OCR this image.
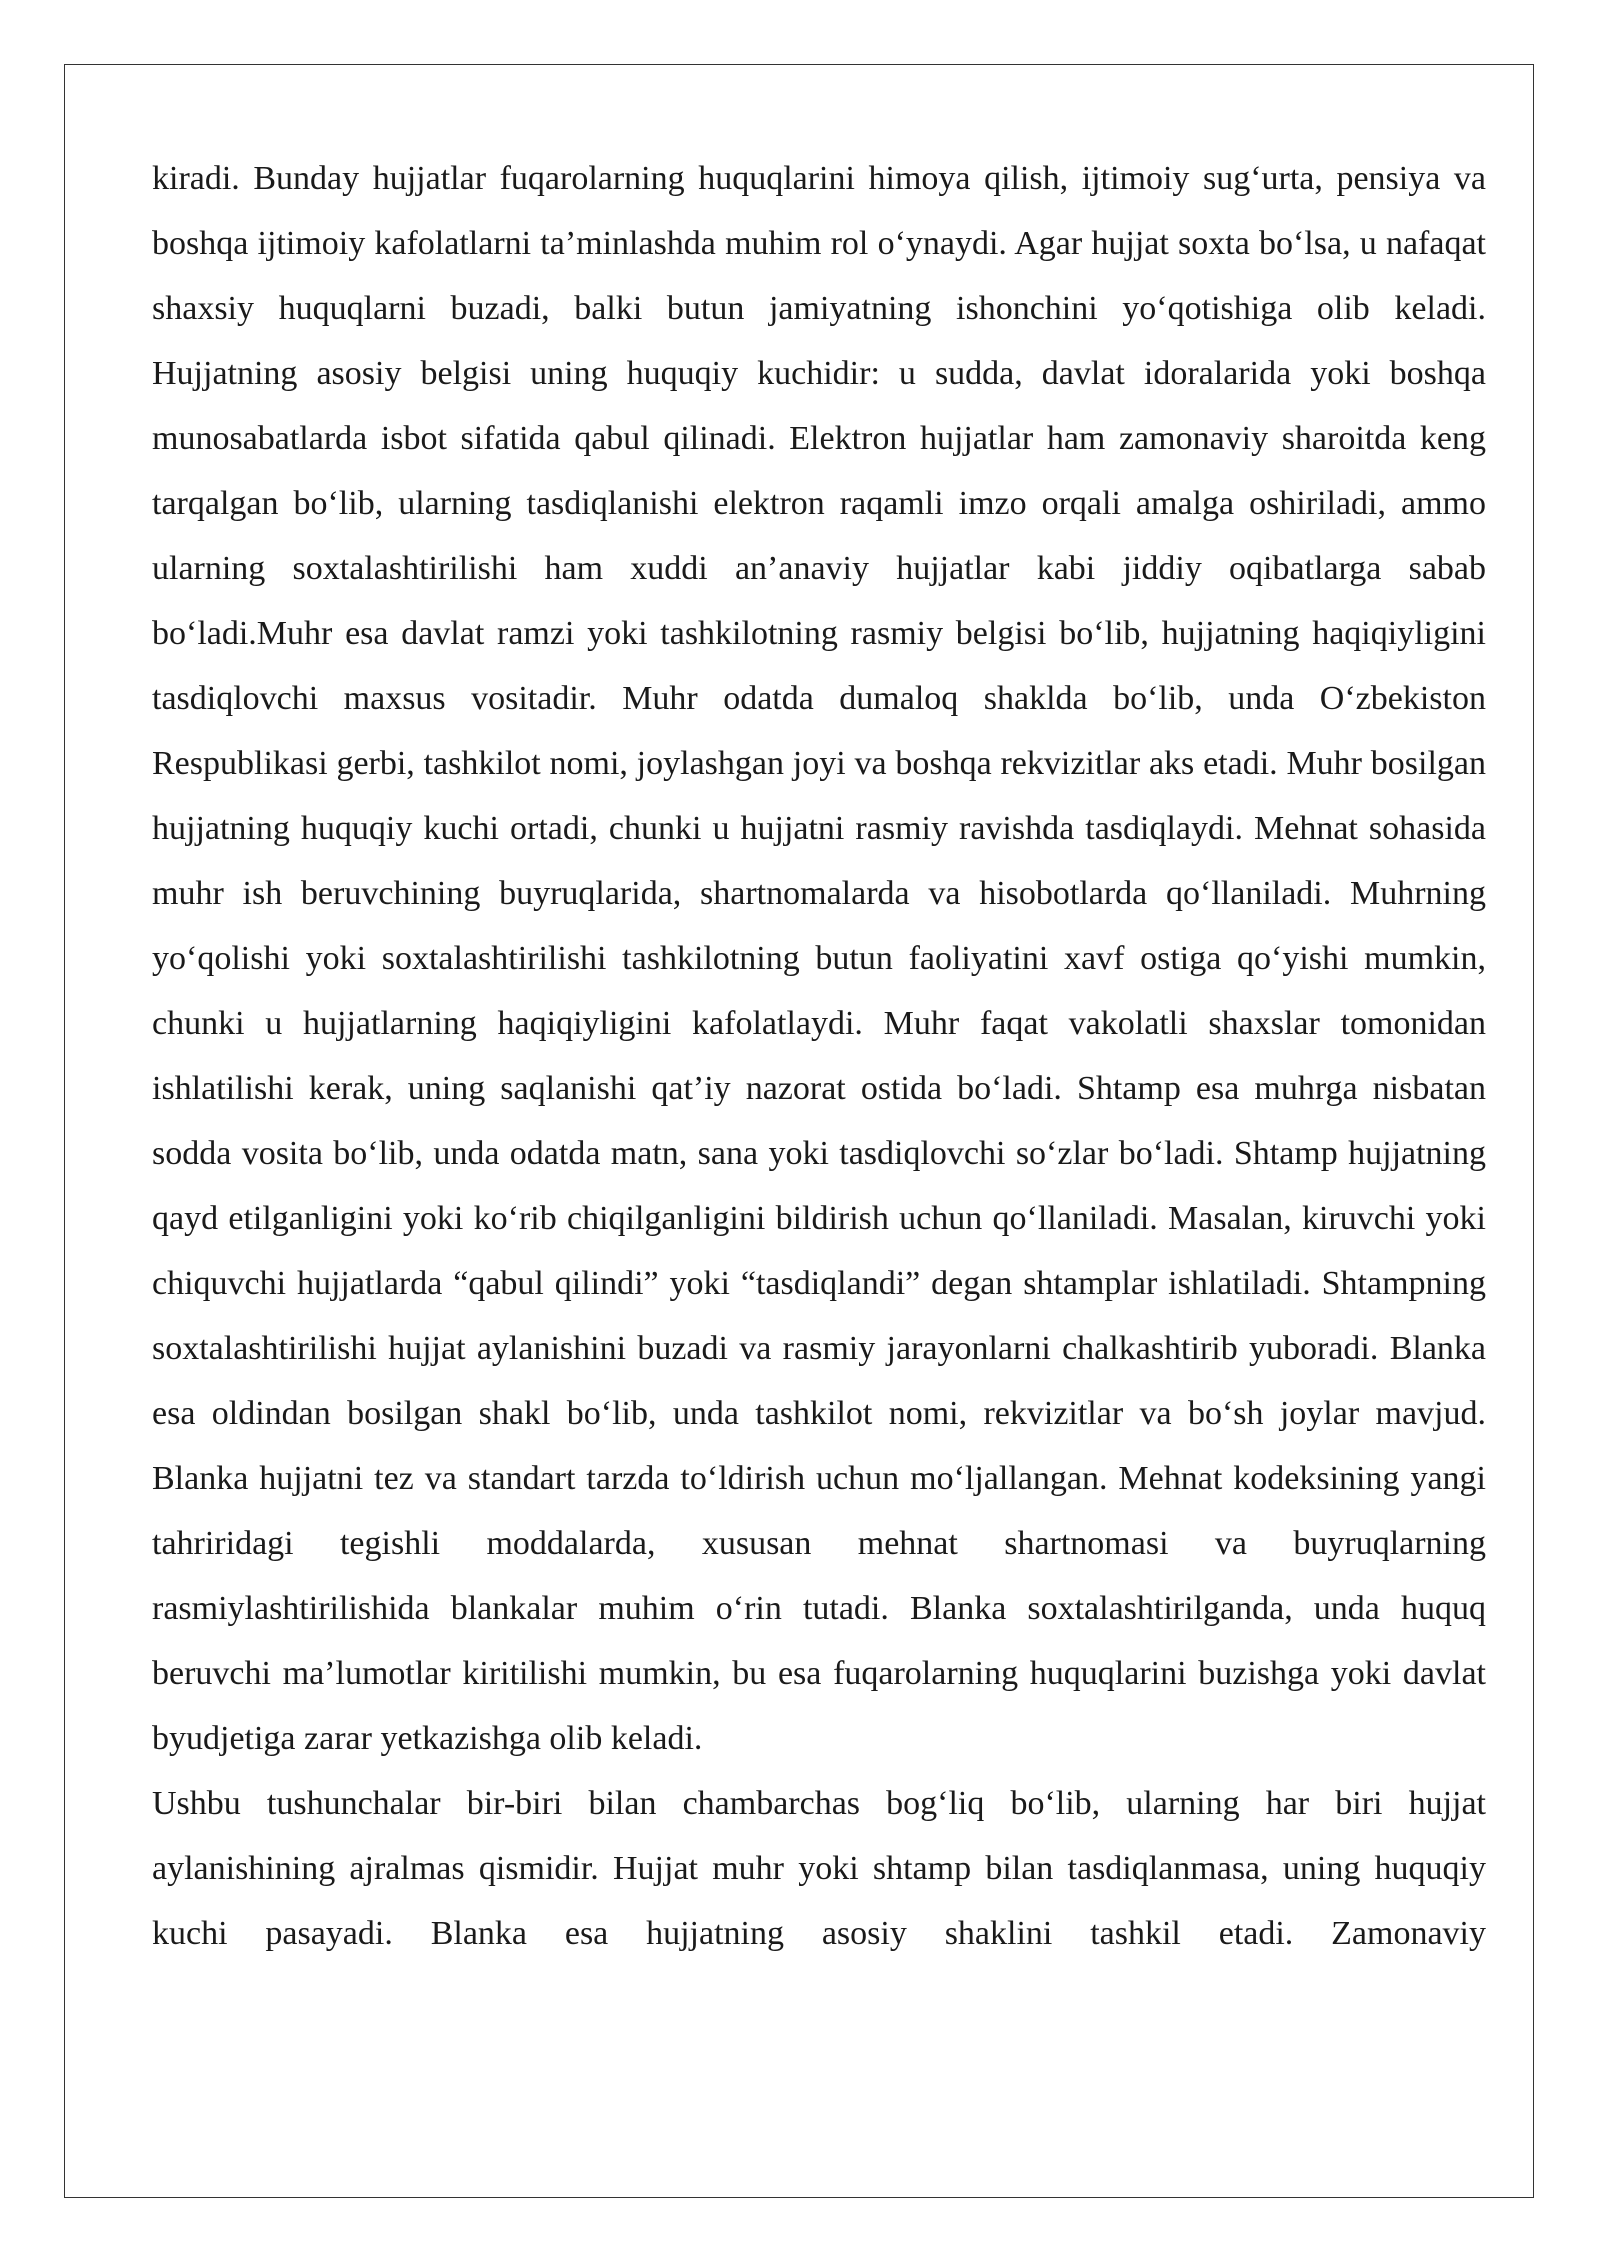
kiradi. Bunday hujjatlar fuqarolarning huquqlarini himoya qilish, ijtimoiy sug‘urta, pensiya va boshqa ijtimoiy kafolatlarni ta’minlashda muhim rol o‘ynaydi. Agar hujjat soxta bo‘lsa, u nafaqat shaxsiy huquqlarni buzadi, balki butun jamiyatning ishonchini yo‘qotishiga olib keladi. Hujjatning asosiy belgisi uning huquqiy kuchidir: u sudda, davlat idoralarida yoki boshqa munosabatlarda isbot sifatida qabul qilinadi. Elektron hujjatlar ham zamonaviy sharoitda keng tarqalgan bo‘lib, ularning tasdiqlanishi elektron raqamli imzo orqali amalga oshiriladi, ammo ularning soxtalashtirilishi ham xuddi an’anaviy hujjatlar kabi jiddiy oqibatlarga sabab bo‘ladi.Muhr esa davlat ramzi yoki tashkilotning rasmiy belgisi bo‘lib, hujjatning haqiqiyligini tasdiqlovchi maxsus vositadir. Muhr odatda dumaloq shaklda bo‘lib, unda O‘zbekiston Respublikasi gerbi, tashkilot nomi, joylashgan joyi va boshqa rekvizitlar aks etadi. Muhr bosilgan hujjatning huquqiy kuchi ortadi, chunki u hujjatni rasmiy ravishda tasdiqlaydi. Mehnat sohasida muhr ish beruvchining buyruqlarida, shartnomalarda va hisobotlarda qo‘llaniladi. Muhrning yo‘qolishi yoki soxtalashtirilishi tashkilotning butun faoliyatini xavf ostiga qo‘yishi mumkin, chunki u hujjatlarning haqiqiyligini kafolatlaydi. Muhr faqat vakolatli shaxslar tomonidan ishlatilishi kerak, uning saqlanishi qat’iy nazorat ostida bo‘ladi. Shtamp esa muhrga nisbatan sodda vosita bo‘lib, unda odatda matn, sana yoki tasdiqlovchi so‘zlar bo‘ladi. Shtamp hujjatning qayd etilganligini yoki ko‘rib chiqilganligini bildirish uchun qo‘llaniladi. Masalan, kiruvchi yoki chiquvchi hujjatlarda “qabul qilindi” yoki “tasdiqlandi” degan shtamplar ishlatiladi. Shtampning soxtalashtirilishi hujjat aylanishini buzadi va rasmiy jarayonlarni chalkashtirib yuboradi. Blanka esa oldindan bosilgan shakl bo‘lib, unda tashkilot nomi, rekvizitlar va bo‘sh joylar mavjud. Blanka hujjatni tez va standart tarzda to‘ldirish uchun mo‘ljallangan. Mehnat kodeksining yangi tahriridagi tegishli moddalarda, xususan mehnat shartnomasi va buyruqlarning rasmiylashtirilishida blankalar muhim o‘rin tutadi. Blanka soxtalashtirilganda, unda huquq beruvchi ma’lumotlar kiritilishi mumkin, bu esa fuqarolarning huquqlarini buzishga yoki davlat byudjetiga zarar yetkazishga olib keladi.

Ushbu tushunchalar bir-biri bilan chambarchas bog‘liq bo‘lib, ularning har biri hujjat aylanishining ajralmas qismidir. Hujjat muhr yoki shtamp bilan tasdiqlanmasa, uning huquqiy kuchi pasayadi. Blanka esa hujjatning asosiy shaklini tashkil etadi. Zamonaviy
